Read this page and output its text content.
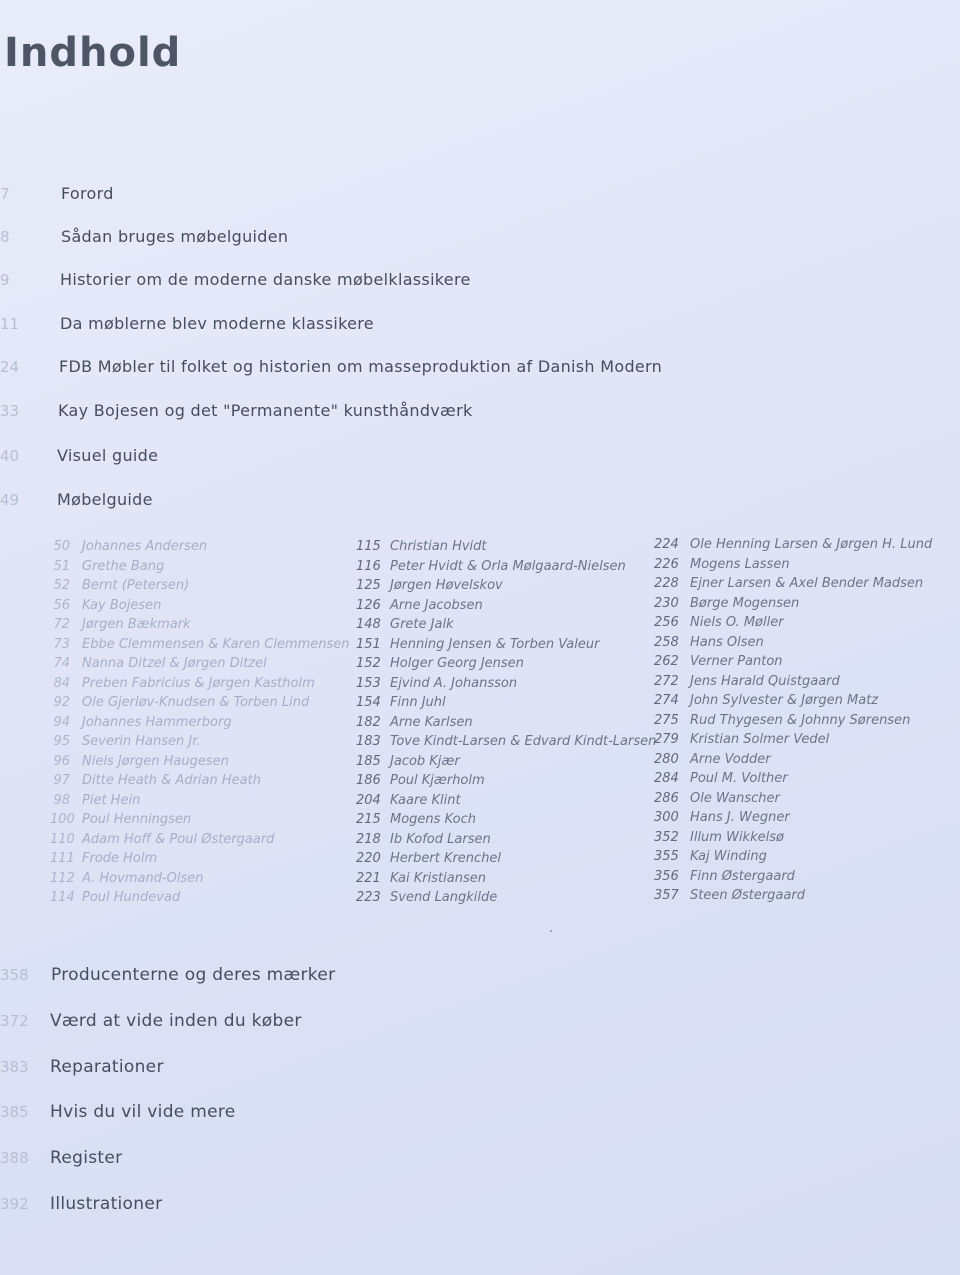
Indhold
7	Forord
8	Sådan bruges møbelguiden
9	Historier om de moderne danske møbelklassikere
11	Da møblerne blev moderne klassikere
24 FDB Møbler til folket og historien om masseproduktion af Danish Modern
33 Kay Bojesen og det "Permanente" kunsthåndværk
40 Visuel guide
49 Møbelguide
50 Johannes Andersen
51 Grethe Bang
52 Bernt (Petersen)
56 Kay Bojesen
72 Jørgen Bækmark
73 Ebbe Clemmensen & Karen Clemmensen
74 Nanna Ditzel & Jørgen Ditzel
84 Preben Fabricius & Jørgen Kastholm
92 Ole Gjerløv-Knudsen & Torben Lind
94 Johannes Hammerborg
95 Severin Hansen Jr.
96 Niels Jørgen Haugesen
97 Ditte Heath & Adrian Heath
98 Piet Hein
100 Poul Henningsen
110 Adam Hoff & Poul Østergaard
111 Frode Holm
112 A. Hovmand-Olsen
114 Poul Hundevad
115 Christian Hvidt
116 Peter Hvidt & Orla Mølgaard-Nielsen
125 Jørgen Høvelskov
126 Arne Jacobsen
148 Grete Jalk
151 Henning Jensen & Torben Valeur
152 Holger Georg Jensen
153 Ejvind A. Johansson
154 Finn Juhl
182 Arne Karlsen
183 Tove Kindt-Larsen & Edvard Kindt-Larsen
185 Jacob Kjær
186 Poul Kjærholm
204 Kaare Klint
215 Mogens Koch
218 Ib Kofod Larsen
220 Herbert Krenchel
221 Kai Kristiansen
223 Svend Langkilde
224 Ole Henning Larsen & Jørgen H. Lund
226 Mogens Lassen
228 Ejner Larsen & Axel Bender Madsen
230 Børge Mogensen
256 Niels O. Møller
258 Hans Olsen
262 Verner Panton
272 Jens Harald Quistgaard
274 John Sylvester & Jørgen Matz
275 Rud Thygesen & Johnny Sørensen
279 Kristian Solmer Vedel
280 Arne Vodder
284 Poul M. Volther
286 Ole Wanscher
300 Hans J. Wegner
352 Illum Wikkelsø
355 Kaj Winding
356 Finn Østergaard
357 Steen Østergaard
358 Producenterne og deres mærker
372 Værd at vide inden du køber
383 Reparationer
385 Hvis du vil vide mere
388 Register
392 Illustrationer
